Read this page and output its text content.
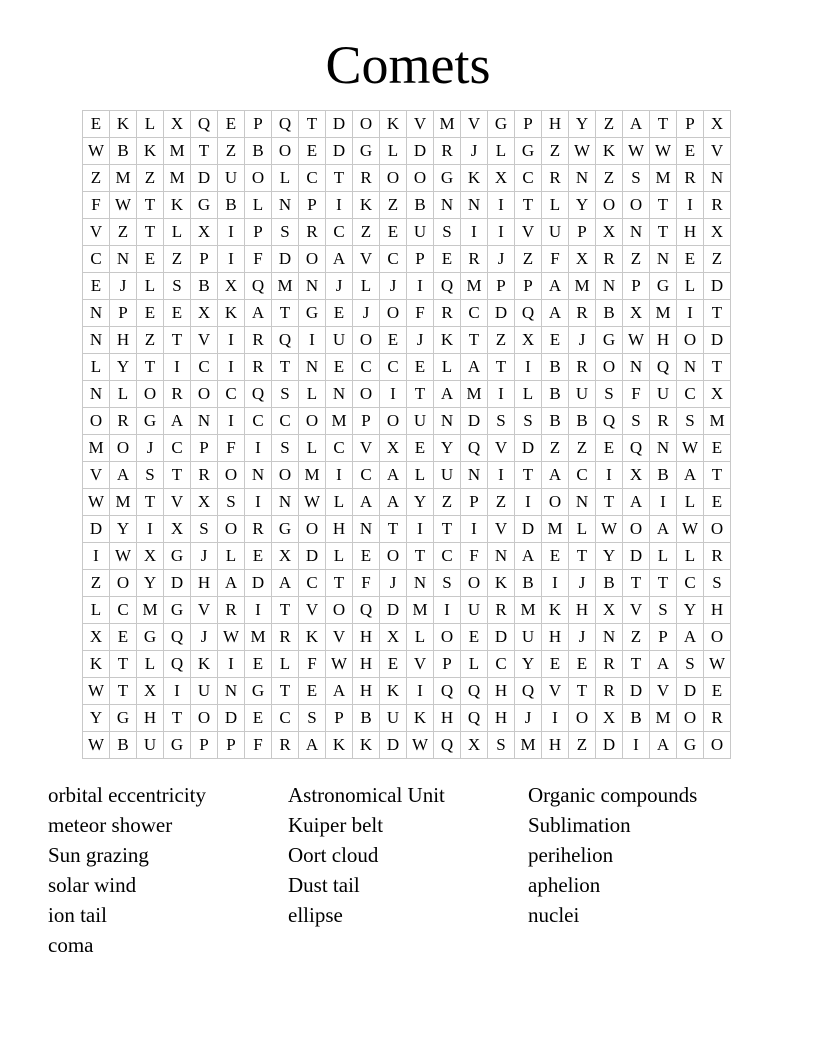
Comets
E	K	L	X	Q	E	P	Q	T	D	O	K	V	M	V	G	P	H	Y	Z	A	T	P	X
W	B	K	M	T	Z	B	O	E	D	G	L	D	R	J	L	G	Z	W	K	W	W	E	V
Z	M	Z	M	D	U	O	L	C	T	R	O	O	G	K	X	C	R	N	Z	S	M	R	N
F	W	T	K	G	B	L	N	P	I	K	Z	B	N	N	I	T	L	Y	O	O	T	I	R
V	Z	T	L	X	I	P	S	R	C	Z	E	U	S	I	I	V	U	P	X	N	T	H	X
C	N	E	Z	P	I	F	D	O	A	V	C	P	E	R	J	Z	F	X	R	Z	N	E	Z
E	J	L	S	B	X	Q	M	N	J	L	J	I	Q	M	P	P	A	M	N	P	G	L	D
N	P	E	E	X	K	A	T	G	E	J	O	F	R	C	D	Q	A	R	B	X	M	I	T
N	H	Z	T	V	I	R	Q	I	U	O	E	J	K	T	Z	X	E	J	G	W	H	O	D
L	Y	T	I	C	I	R	T	N	E	C	C	E	L	A	T	I	B	R	O	N	Q	N	T
N	L	O	R	O	C	Q	S	L	N	O	I	T	A	M	I	L	B	U	S	F	U	C	X
O	R	G	A	N	I	C	C	O	M	P	O	U	N	D	S	S	B	B	Q	S	R	S	M
M	O	J	C	P	F	I	S	L	C	V	X	E	Y	Q	V	D	Z	Z	E	Q	N	W	E
V	A	S	T	R	O	N	O	M	I	C	A	L	U	N	I	T	A	C	I	X	B	A	T
W	M	T	V	X	S	I	N	W	L	A	A	Y	Z	P	Z	I	O	N	T	A	I	L	E
D	Y	I	X	S	O	R	G	O	H	N	T	I	T	I	V	D	M	L	W	O	A	W	O
I	W	X	G	J	L	E	X	D	L	E	O	T	C	F	N	A	E	T	Y	D	L	L	R
Z	O	Y	D	H	A	D	A	C	T	F	J	N	S	O	K	B	I	J	B	T	T	C	S
L	C	M	G	V	R	I	T	V	O	Q	D	M	I	U	R	M	K	H	X	V	S	Y	H
X	E	G	Q	J	W	M	R	K	V	H	X	L	O	E	D	U	H	J	N	Z	P	A	O
K	T	L	Q	K	I	E	L	F	W	H	E	V	P	L	C	Y	E	E	R	T	A	S	W
W	T	X	I	U	N	G	T	E	A	H	K	I	Q	Q	H	Q	V	T	R	D	V	D	E
Y	G	H	T	O	D	E	C	S	P	B	U	K	H	Q	H	J	I	O	X	B	M	O	R
W	B	U	G	P	P	F	R	A	K	K	D	W	Q	X	S	M	H	Z	D	I	A	G	O
orbital eccentricity	Astronomical Unit	Organic compounds
meteor shower	Kuiper belt	Sublimation
Sun grazing	Oort cloud	perihelion
solar wind	Dust tail	aphelion
ion tail	ellipse	nuclei
coma
